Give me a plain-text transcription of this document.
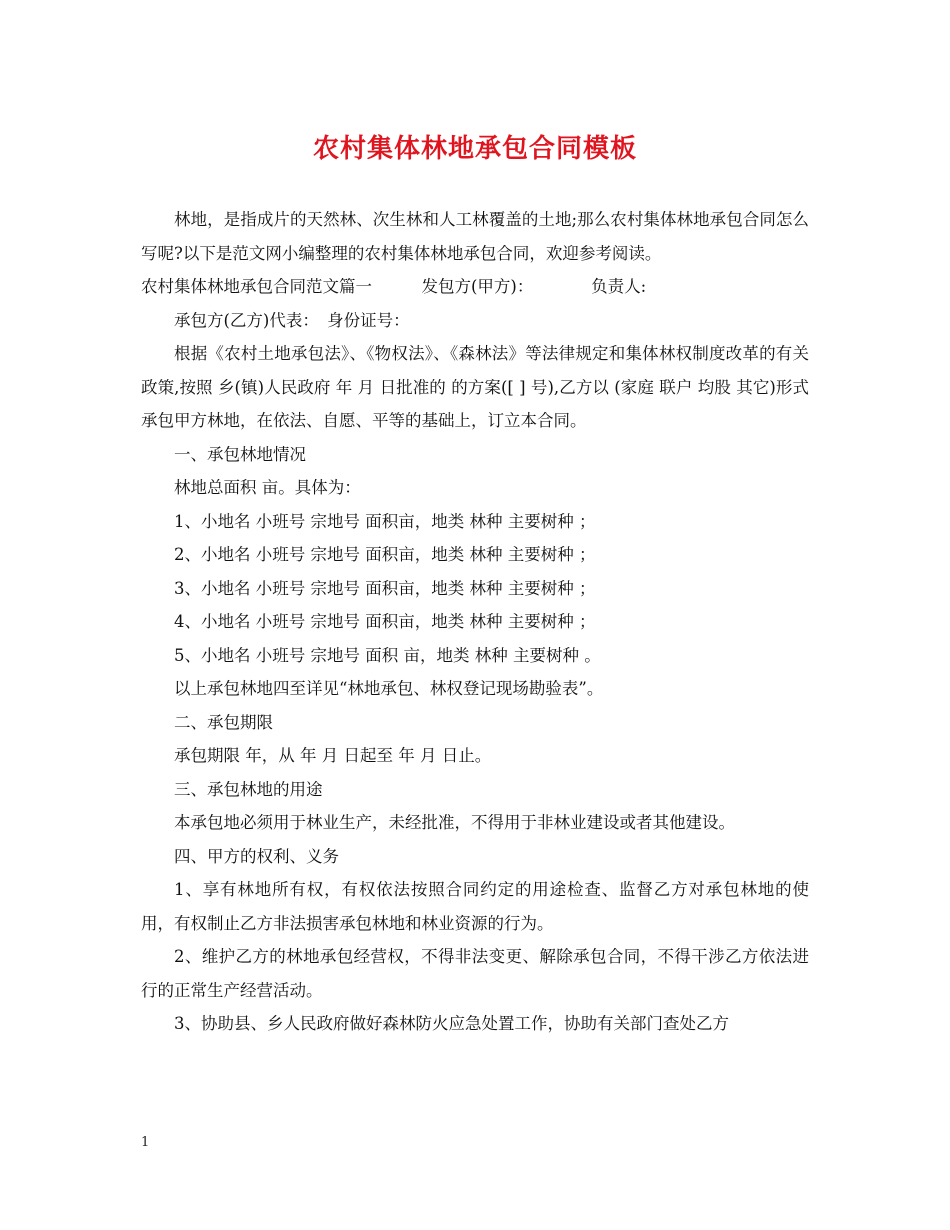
农村集体林地承包合同模板

林地，是指成片的天然林、次生林和人工林覆盖的土地;那么农村集体林地承包合同怎么写呢?以下是范文网小编整理的农村集体林地承包合同，欢迎参考阅读。

农村集体林地承包合同范文篇一　　　发包方(甲方)：　　　　负责人:

承包方(乙方)代表：　身份证号：

根据《农村土地承包法》、《物权法》、《森林法》等法律规定和集体林权制度改革的有关政策,按照 乡(镇)人民政府 年 月 日批准的 的方案([ ] 号),乙方以 (家庭 联户 均股 其它)形式承包甲方林地，在依法、自愿、平等的基础上，订立本合同。

一、承包林地情况

林地总面积 亩。具体为：

1、小地名 小班号 宗地号 面积亩，地类 林种 主要树种 ；

2、小地名 小班号 宗地号 面积亩，地类 林种 主要树种 ；

3、小地名 小班号 宗地号 面积亩，地类 林种 主要树种 ；

4、小地名 小班号 宗地号 面积亩，地类 林种 主要树种 ；

5、小地名 小班号 宗地号 面积 亩，地类 林种 主要树种 。

以上承包林地四至详见“林地承包、林权登记现场勘验表”。

二、承包期限

承包期限 年，从 年 月 日起至 年 月 日止。

三、承包林地的用途

本承包地必须用于林业生产，未经批准，不得用于非林业建设或者其他建设。

四、甲方的权利、义务

1、享有林地所有权，有权依法按照合同约定的用途检查、监督乙方对承包林地的使用，有权制止乙方非法损害承包林地和林业资源的行为。

2、维护乙方的林地承包经营权，不得非法变更、解除承包合同，不得干涉乙方依法进行的正常生产经营活动。

3、协助县、乡人民政府做好森林防火应急处置工作，协助有关部门查处乙方

1
